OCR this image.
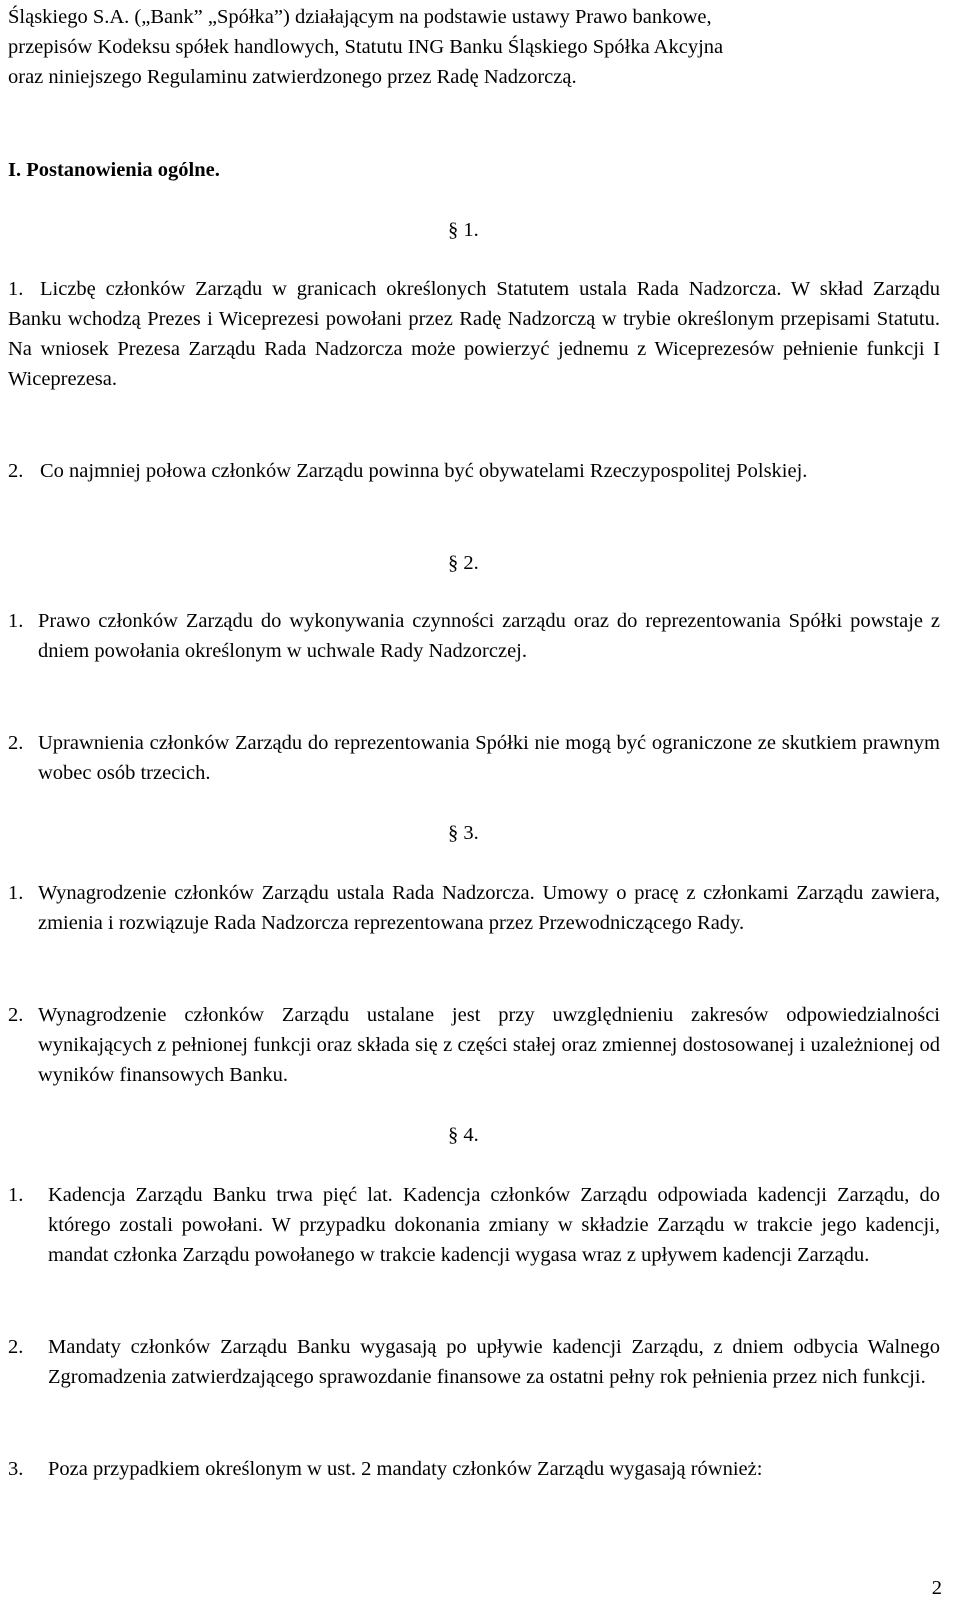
Śląskiego S.A. („Bank” „Spółka”) działającym na podstawie ustawy Prawo bankowe,
przepisów Kodeksu spółek handlowych, Statutu ING Banku Śląskiego Spółka Akcyjna
oraz niniejszego Regulaminu zatwierdzonego przez Radę Nadzorczą.
I. Postanowienia ogólne.
§ 1.
1. Liczbę członków Zarządu w granicach określonych Statutem ustala Rada Nadzorcza. W skład Zarządu Banku wchodzą Prezes i Wiceprezesi powołani przez Radę Nadzorczą w trybie określonym przepisami Statutu. Na wniosek Prezesa Zarządu Rada Nadzorcza może powierzyć jednemu z Wiceprezesów pełnienie funkcji I Wiceprezesa.
2. Co najmniej połowa członków Zarządu powinna być obywatelami Rzeczypospolitej Polskiej.
§ 2.
1. Prawo członków Zarządu do wykonywania czynności zarządu oraz do reprezentowania Spółki powstaje z dniem powołania określonym w uchwale Rady Nadzorczej.
2. Uprawnienia członków Zarządu do reprezentowania Spółki nie mogą być ograniczone ze skutkiem prawnym wobec osób trzecich.
§ 3.
1. Wynagrodzenie członków Zarządu ustala Rada Nadzorcza. Umowy o pracę z członkami Zarządu zawiera, zmienia i rozwiązuje Rada Nadzorcza reprezentowana przez Przewodniczącego Rady.
2. Wynagrodzenie członków Zarządu ustalane jest przy uwzględnieniu zakresów odpowiedzialności wynikających z pełnionej funkcji oraz składa się z części stałej oraz zmiennej dostosowanej i uzależnionej od wyników finansowych Banku.
§ 4.
1. Kadencja Zarządu Banku trwa pięć lat. Kadencja członków Zarządu odpowiada kadencji Zarządu, do którego zostali powołani. W przypadku dokonania zmiany w składzie Zarządu w trakcie jego kadencji, mandat członka Zarządu powołanego w trakcie kadencji wygasa wraz z upływem kadencji Zarządu.
2. Mandaty członków Zarządu Banku wygasają po upływie kadencji Zarządu, z dniem odbycia Walnego Zgromadzenia zatwierdzającego sprawozdanie finansowe za ostatni pełny rok pełnienia przez nich funkcji.
3. Poza przypadkiem określonym w ust. 2 mandaty członków Zarządu wygasają również:
2
